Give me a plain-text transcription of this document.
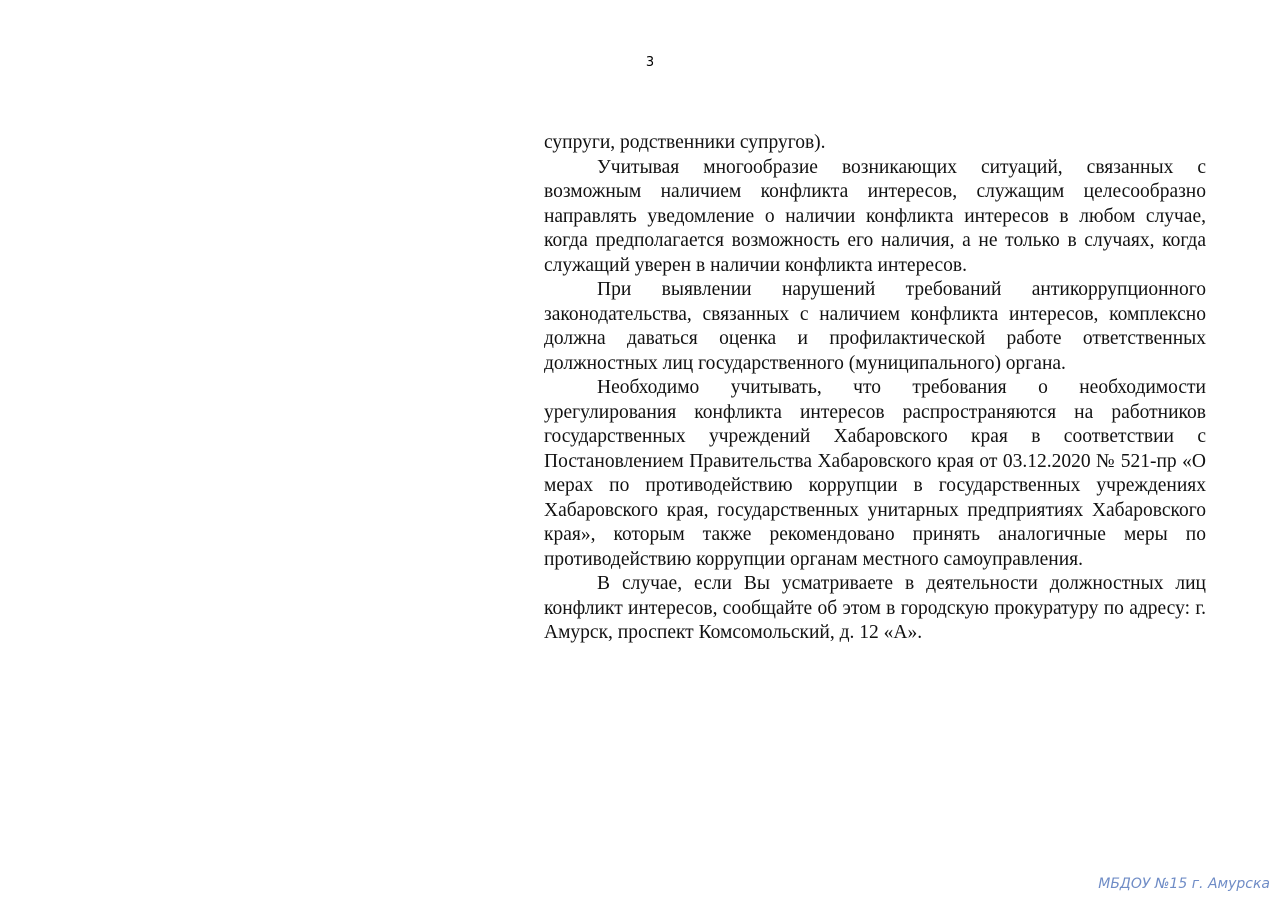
3

супруги, родственники супругов).

Учитывая многообразие возникающих ситуаций, связанных с возможным наличием конфликта интересов, служащим целесообразно направлять уведомление о наличии конфликта интересов в любом случае, когда предполагается возможность его наличия, а не только в случаях, когда служащий уверен в наличии конфликта интересов.

При выявлении нарушений требований антикоррупционного законодательства, связанных с наличием конфликта интересов, комплексно должна даваться оценка и профилактической работе ответственных должностных лиц государственного (муниципального) органа.

Необходимо учитывать, что требования о необходимости урегулирования конфликта интересов распространяются на работников государственных учреждений Хабаровского края в соответствии с Постановлением Правительства Хабаровского края от 03.12.2020 № 521-пр «О мерах по противодействию коррупции в государственных учреждениях Хабаровского края, государственных унитарных предприятиях Хабаровского края», которым также рекомендовано принять аналогичные меры по противодействию коррупции органам местного самоуправления.

В случае, если Вы усматриваете в деятельности должностных лиц конфликт интересов, сообщайте об этом в городскую прокуратуру по адресу: г. Амурск, проспект Комсомольский, д. 12 «А».

МБДОУ №15 г. Амурска
